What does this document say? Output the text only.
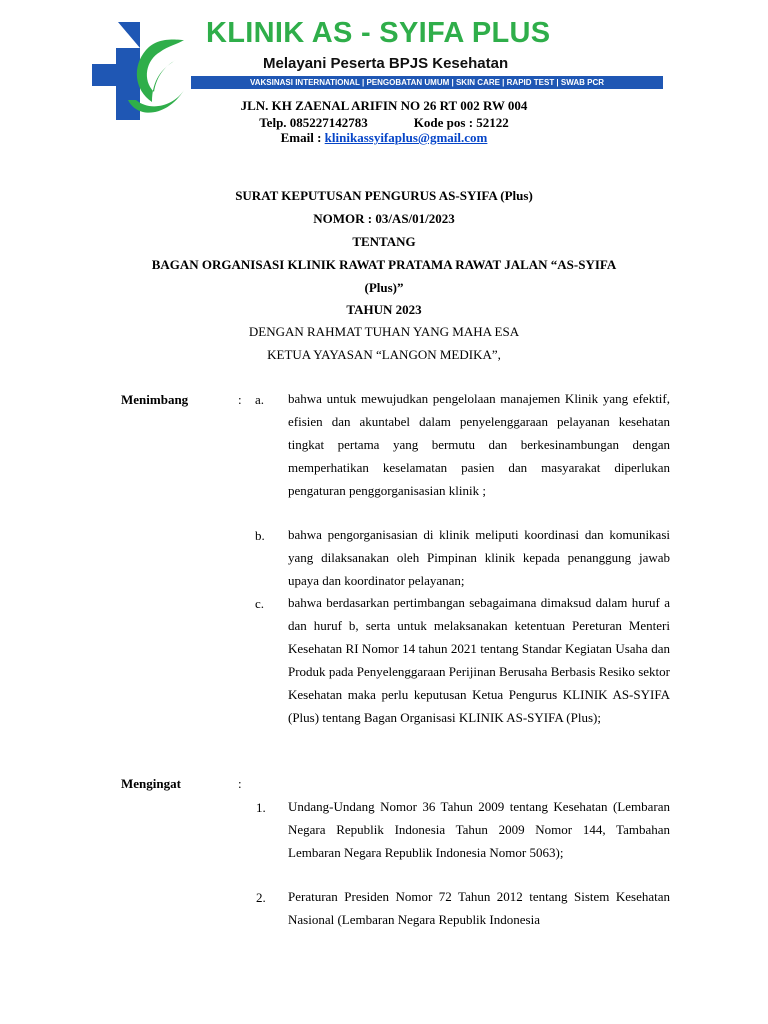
KLINIK AS - SYIFA PLUS
Melayani Peserta BPJS Kesehatan
VAKSINASI INTERNATIONAL | PENGOBATAN UMUM | SKIN CARE | RAPID TEST | SWAB PCR
JLN. KH ZAENAL ARIFIN NO 26 RT 002 RW 004
Telp. 085227142783	Kode pos : 52122
Email : klinikassyifaplus@gmail.com
SURAT KEPUTUSAN PENGURUS AS-SYIFA (Plus)
NOMOR : 03/AS/01/2023
TENTANG
BAGAN ORGANISASI KLINIK RAWAT PRATAMA RAWAT JALAN “AS-SYIFA
(Plus)”
TAHUN 2023
DENGAN RAHMAT TUHAN YANG MAHA ESA
KETUA YAYASAN “LANGON MEDIKA”,
Menimbang	: a. bahwa untuk mewujudkan pengelolaan manajemen Klinik yang efektif, efisien dan akuntabel dalam penyelenggaraan pelayanan kesehatan tingkat pertama yang bermutu dan berkesinambungan dengan memperhatikan keselamatan pasien dan masyarakat diperlukan pengaturan penggorganisasian klinik ;
b. bahwa pengorganisasian di klinik meliputi koordinasi dan komunikasi yang dilaksanakan oleh Pimpinan klinik kepada penanggung jawab upaya dan koordinator pelayanan;
c. bahwa berdasarkan pertimbangan sebagaimana dimaksud dalam huruf a dan huruf b, serta untuk melaksanakan ketentuan Pereturan Menteri Kesehatan RI Nomor 14 tahun 2021 tentang Standar Kegiatan Usaha dan Produk pada Penyelenggaraan Perijinan Berusaha Berbasis Resiko sektor Kesehatan maka perlu keputusan Ketua Pengurus KLINIK AS-SYIFA (Plus) tentang Bagan Organisasi KLINIK AS-SYIFA (Plus);
Mengingat	:
1. Undang-Undang Nomor 36 Tahun 2009 tentang Kesehatan (Lembaran Negara Republik Indonesia Tahun 2009 Nomor 144, Tambahan Lembaran Negara Republik Indonesia Nomor 5063);
2. Peraturan Presiden Nomor 72 Tahun 2012 tentang Sistem Kesehatan Nasional (Lembaran Negara Republik Indonesia
